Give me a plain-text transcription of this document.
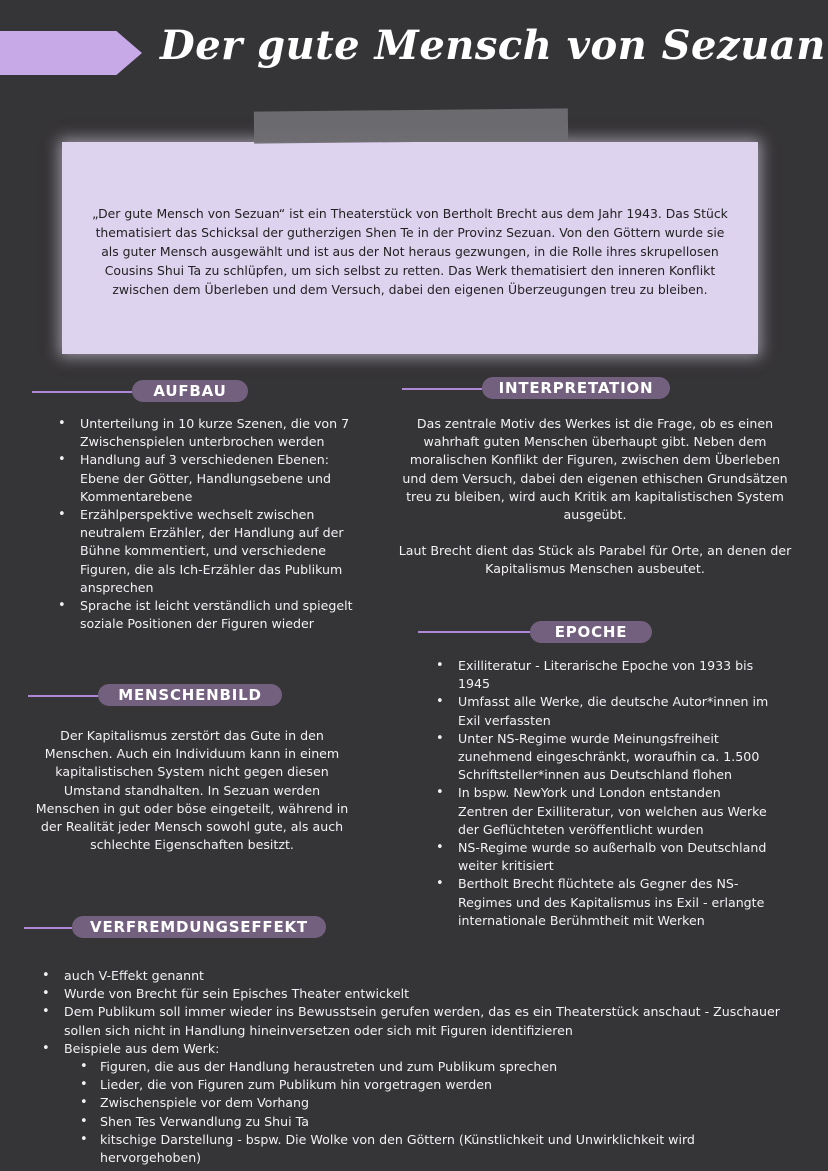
Der gute Mensch von Sezuan

„Der gute Mensch von Sezuan“ ist ein Theaterstück von Bertholt Brecht aus dem Jahr 1943. Das Stück thematisiert das Schicksal der gutherzigen Shen Te in der Provinz Sezuan. Von den Göttern wurde sie als guter Mensch ausgewählt und ist aus der Not heraus gezwungen, in die Rolle ihres skrupellosen Cousins Shui Ta zu schlüpfen, um sich selbst zu retten. Das Werk thematisiert den inneren Konflikt zwischen dem Überleben und dem Versuch, dabei den eigenen Überzeugungen treu zu bleiben.

AUFBAU
• Unterteilung in 10 kurze Szenen, die von 7 Zwischenspielen unterbrochen werden
• Handlung auf 3 verschiedenen Ebenen: Ebene der Götter, Handlungsebene und Kommentarebene
• Erzählperspektive wechselt zwischen neutralem Erzähler, der Handlung auf der Bühne kommentiert, und verschiedene Figuren, die als Ich-Erzähler das Publikum ansprechen
• Sprache ist leicht verständlich und spiegelt soziale Positionen der Figuren wieder
INTERPRETATION

Das zentrale Motiv des Werkes ist die Frage, ob es einen wahrhaft guten Menschen überhaupt gibt. Neben dem moralischen Konflikt der Figuren, zwischen dem Überleben und dem Versuch, dabei den eigenen ethischen Grundsätzen treu zu bleiben, wird auch Kritik am kapitalistischen System ausgeübt.

Laut Brecht dient das Stück als Parabel für Orte, an denen der Kapitalismus Menschen ausbeutet.

EPOCHE
• Exilliteratur - Literarische Epoche von 1933 bis 1945
• Umfasst alle Werke, die deutsche Autor*innen im Exil verfassten
• Unter NS-Regime wurde Meinungsfreiheit zunehmend eingeschränkt, woraufhin ca. 1.500 Schriftsteller*innen aus Deutschland flohen
• In bspw. NewYork und London entstanden Zentren der Exilliteratur, von welchen aus Werke der Geflüchteten veröffentlicht wurden
• NS-Regime wurde so außerhalb von Deutschland weiter kritisiert
• Bertholt Brecht flüchtete als Gegner des NS-Regimes und des Kapitalismus ins Exil - erlangte internationale Berühmtheit mit Werken
MENSCHENBILD

Der Kapitalismus zerstört das Gute in den Menschen. Auch ein Individuum kann in einem kapitalistischen System nicht gegen diesen Umstand standhalten. In Sezuan werden Menschen in gut oder böse eingeteilt, während in der Realität jeder Mensch sowohl gute, als auch schlechte Eigenschaften besitzt.

VERFREMDUNGSEFFEKT
• auch V-Effekt genannt
• Wurde von Brecht für sein Episches Theater entwickelt
• Dem Publikum soll immer wieder ins Bewusstsein gerufen werden, das es ein Theaterstück anschaut - Zuschauer sollen sich nicht in Handlung hineinversetzen oder sich mit Figuren identifizieren
• Beispiele aus dem Werk:
• Figuren, die aus der Handlung heraustreten und zum Publikum sprechen
• Lieder, die von Figuren zum Publikum hin vorgetragen werden
• Zwischenspiele vor dem Vorhang
• Shen Tes Verwandlung zu Shui Ta
• kitschige Darstellung - bspw. Die Wolke von den Göttern (Künstlichkeit und Unwirklichkeit wird hervorgehoben)
